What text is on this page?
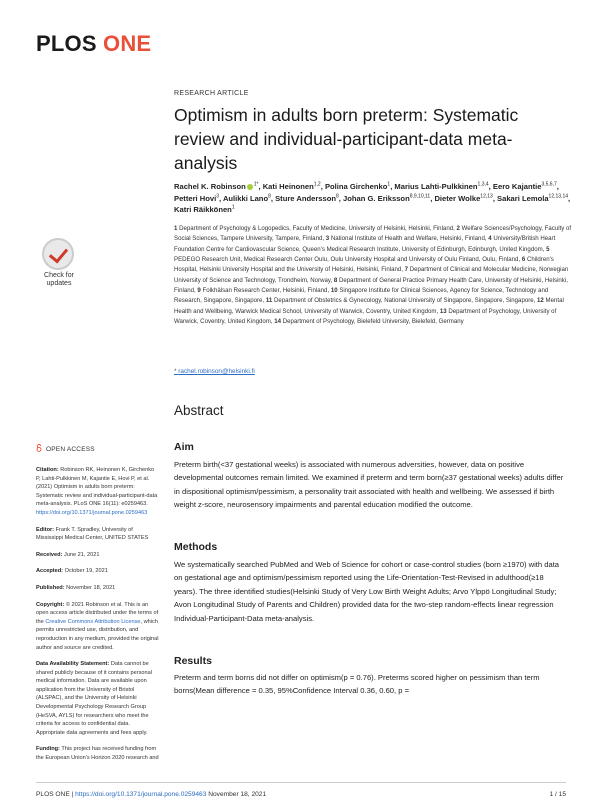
PLOS ONE
RESEARCH ARTICLE
Optimism in adults born preterm: Systematic review and individual-participant-data meta-analysis
Rachel K. Robinson $^{1*}$, Kati Heinonen$^{1,2}$, Polina Girchenko$^1$, Marius Lahti-Pulkkinen$^{1,3,4}$, Eero Kajantie$^{3,5,6,7}$, Petteri Hovi$^3$, Aulikki Lano$^8$, Sture Andersson$^8$, Johan G. Eriksson$^{8,9,10,11}$, Dieter Wolke$^{12,13}$, Sakari Lemola$^{12,13,14}$, Katri Räikkönen$^1$
1 Department of Psychology & Logopedics, Faculty of Medicine, University of Helsinki, Helsinki, Finland, 2 Welfare Sciences/Psychology, Faculty of Social Sciences, Tampere University, Tampere, Finland, 3 National Institute of Health and Welfare, Helsinki, Finland, 4 University/British Heart Foundation Centre for Cardiovascular Science, Queen's Medical Research Institute, University of Edinburgh, Edinburgh, United Kingdom, 5 PEDEGO Research Unit, Medical Research Center Oulu, Oulu University Hospital and University of Oulu Finland, Oulu, Finland, 6 Children's Hospital, Helsinki University Hospital and the University of Helsinki, Helsinki, Finland, 7 Department of Clinical and Molecular Medicine, Norwegian University of Science and Technology, Trondheim, Norway, 8 Department of General Practice Primary Health Care, University of Helsinki, Helsinki, Finland, 9 Folkhälsan Research Center, Helsinki, Finland, 10 Singapore Institute for Clinical Sciences, Agency for Science, Technology and Research, Singapore, Singapore, 11 Department of Obstetrics & Gynecology, National University of Singapore, Singapore, Singapore, 12 Mental Health and Wellbeing, Warwick Medical School, University of Warwick, Coventry, United Kingdom, 13 Department of Psychology, University of Warwick, Coventry, United Kingdom, 14 Department of Psychology, Bielefeld University, Bielefeld, Germany
* rachel.robinson@helsinki.fi
Abstract
Aim
Preterm birth(<37 gestational weeks) is associated with numerous adversities, however, data on positive developmental outcomes remain limited. We examined if preterm and term born(≥37 gestational weeks) adults differ in dispositional optimism/pessimism, a personality trait associated with health and wellbeing. We assessed if birth weight z-score, neurosensory impairments and parental education modified the outcome.
Methods
We systematically searched PubMed and Web of Science for cohort or case-control studies (born ≥1970) with data on gestational age and optimism/pessimism reported using the Life-Orientation-Test-Revised in adulthood(≥18 years). The three identified studies(Helsinki Study of Very Low Birth Weight Adults; Arvo Ylppö Longitudinal Study; Avon Longitudinal Study of Parents and Children) provided data for the two-step random-effects linear regression Individual-Participant-Data meta-analysis.
Results
Preterm and term borns did not differ on optimism(p = 0.76). Preterms scored higher on pessimism than term borns(Mean difference = 0.35, 95%Confidence Interval 0.36, 0.60, p =
Check for
updates
OPEN ACCESS

Citation: Robinson RK, Heinonen K, Girchenko P, Lahti-Pulkkinen M, Kajantie E, Hovi P, et al. (2021) Optimism in adults born preterm: Systematic review and individual-participant-data meta-analysis. PLoS ONE 16(11): e0259463. https://doi.org/10.1371/journal.pone.0259463

Editor: Frank T. Spradley, University of Mississippi Medical Center, UNITED STATES

Received: June 21, 2021

Accepted: October 19, 2021

Published: November 18, 2021

Copyright: © 2021 Robinson et al. This is an open access article distributed under the terms of the Creative Commons Attribution License, which permits unrestricted use, distribution, and reproduction in any medium, provided the original author and source are credited.

Data Availability Statement: Data cannot be shared publicly because of it contains personal medical information. Data are available upon application from the University of Bristol (ALSPAC), and the University of Helsinki Developmental Psychology Research Group (HeSVA, AYLS) for researchers who meet the criteria for access to confidential data. Appropriate data agreements and fees apply.

Funding: This project has received funding from the European Union's Horizon 2020 research and

PLOS ONE | https://doi.org/10.1371/journal.pone.0259463 November 18, 2021	1 / 15
